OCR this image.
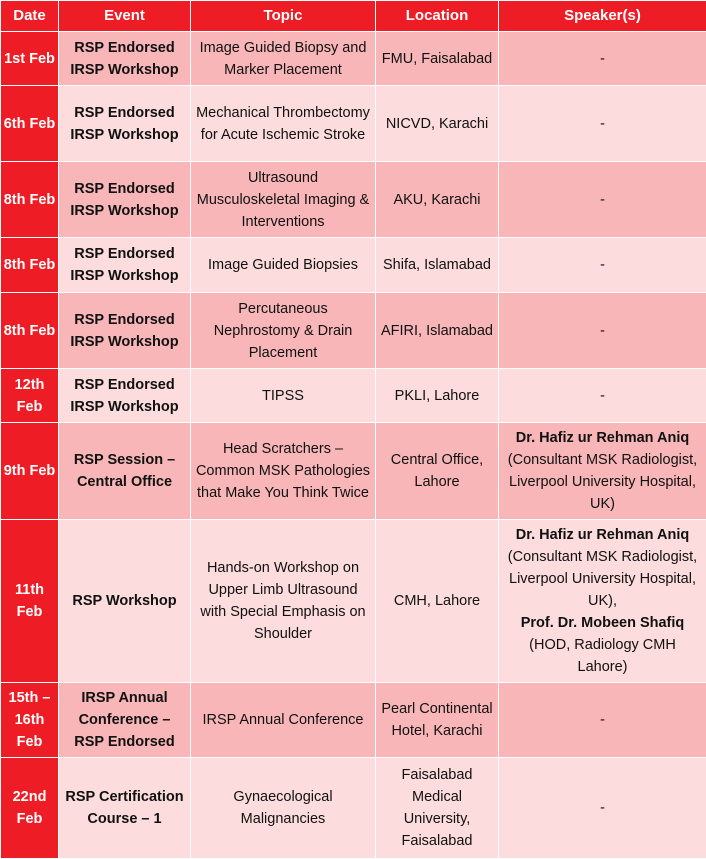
Date	Event	Topic	Location	Speaker(s)
1st Feb	RSP Endorsed IRSP Workshop	Image Guided Biopsy and Marker Placement	FMU, Faisalabad	-
6th Feb	RSP Endorsed IRSP Workshop	Mechanical Thrombectomy for Acute Ischemic Stroke	NICVD, Karachi	-
8th Feb	RSP Endorsed IRSP Workshop	Ultrasound Musculoskeletal Imaging & Interventions	AKU, Karachi	-
8th Feb	RSP Endorsed IRSP Workshop	Image Guided Biopsies	Shifa, Islamabad	-
8th Feb	RSP Endorsed IRSP Workshop	Percutaneous Nephrostomy & Drain Placement	AFIRI, Islamabad	-
12th Feb	RSP Endorsed IRSP Workshop	TIPSS	PKLI, Lahore	-
9th Feb	RSP Session – Central Office	Head Scratchers – Common MSK Pathologies that Make You Think Twice	Central Office, Lahore	Dr. Hafiz ur Rehman Aniq
(Consultant MSK Radiologist, Liverpool University Hospital, UK)

11th Feb	RSP Workshop	Hands-on Workshop on Upper Limb Ultrasound with Special Emphasis on Shoulder	CMH, Lahore	Dr. Hafiz ur Rehman Aniq
(Consultant MSK Radiologist, Liverpool University Hospital, UK),
Prof. Dr. Mobeen Shafiq
(HOD, Radiology CMH Lahore)

15th – 16th Feb	IRSP Annual Conference – RSP Endorsed	IRSP Annual Conference	Pearl Continental Hotel, Karachi	-
22nd Feb	RSP Certification Course – 1	Gynaecological Malignancies	Faisalabad Medical University, Faisalabad	-
